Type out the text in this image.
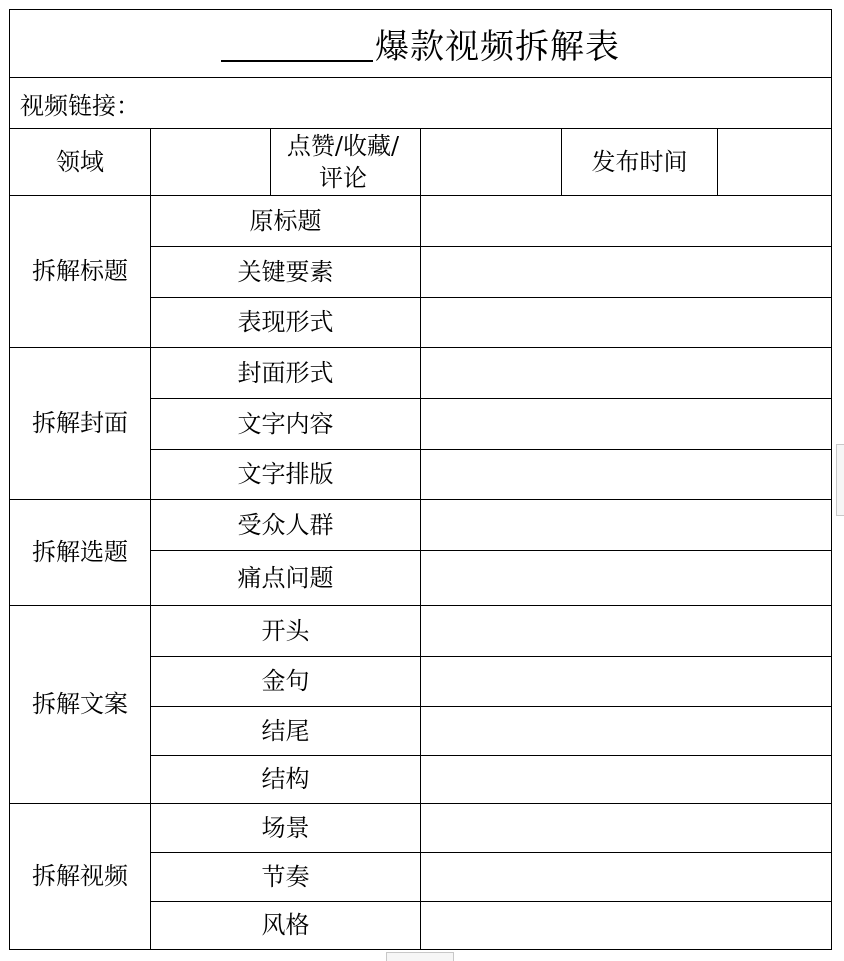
爆款视频拆解表
视频链接：
领域
点赞/收藏/评论
发布时间
拆解标题
原标题
关键要素
表现形式
拆解封面
封面形式
文字内容
文字排版
拆解选题
受众人群
痛点问题
拆解文案
开头
金句
结尾
结构
拆解视频
场景
节奏
风格
